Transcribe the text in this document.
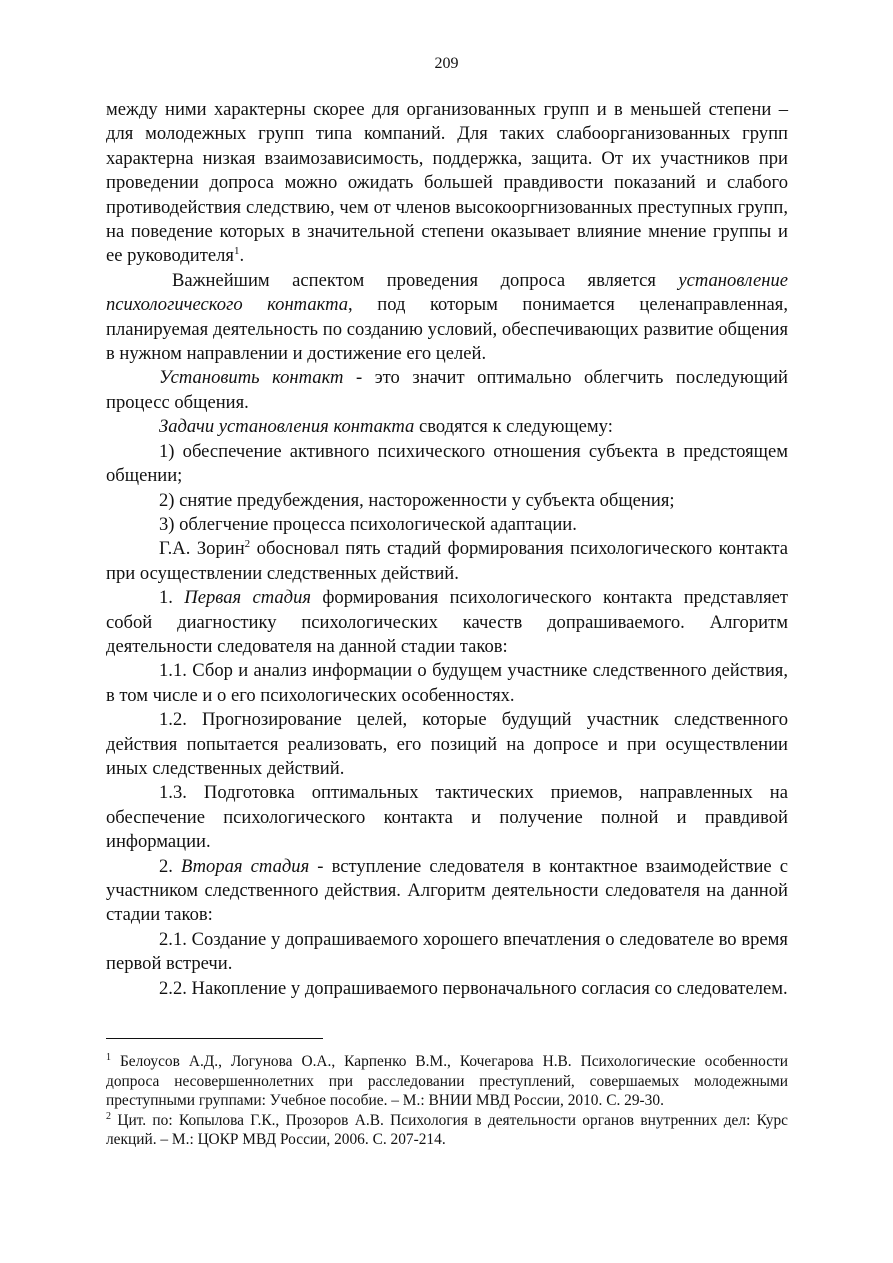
209

между ними характерны скорее для организованных групп и в меньшей степени – для молодежных групп типа компаний. Для таких слабоорганизованных групп характерна низкая взаимозависимость, поддержка, защита. От их участников при проведении допроса можно ожидать большей правдивости показаний и слабого противодействия следствию, чем от членов высокооргнизованных преступных групп, на поведение которых в значительной степени оказывает влияние мнение группы и ее руководителя$^1$.

Важнейшим аспектом проведения допроса является установление психологического контакта, под которым понимается целенаправленная, планируемая деятельность по созданию условий, обеспечивающих развитие общения в нужном направлении и достижение его целей.

Установить контакт - это значит оптимально облегчить последующий процесс общения.

Задачи установления контакта сводятся к следующему:

1) обеспечение активного психического отношения субъекта в предстоящем общении;

2) снятие предубеждения, настороженности у субъекта общения;

3) облегчение процесса психологической адаптации.

Г.А. Зорин$^2$ обосновал пять стадий формирования психологического контакта при осуществлении следственных действий.

1. Первая стадия формирования психологического контакта представляет собой диагностику психологических качеств допрашиваемого. Алгоритм деятельности следователя на данной стадии таков:

1.1. Сбор и анализ информации о будущем участнике следственного действия, в том числе и о его психологических особенностях.

1.2. Прогнозирование целей, которые будущий участник следственного действия попытается реализовать, его позиций на допросе и при осуществлении иных следственных действий.

1.3. Подготовка оптимальных тактических приемов, направленных на обеспечение психологического контакта и получение полной и правдивой информации.

2. Вторая стадия - вступление следователя в контактное взаимодействие с участником следственного действия. Алгоритм деятельности следователя на данной стадии таков:

2.1. Создание у допрашиваемого хорошего впечатления о следователе во время первой встречи.

2.2. Накопление у допрашиваемого первоначального согласия со следователем.

$^1$ Белоусов А.Д., Логунова О.А., Карпенко В.М., Кочегарова Н.В. Психологические особенности допроса несовершеннолетних при расследовании преступлений, совершаемых молодежными преступными группами: Учебное пособие. – М.: ВНИИ МВД России, 2010. С. 29-30.

$^2$ Цит. по: Копылова Г.К., Прозоров А.В. Психология в деятельности органов внутренних дел: Курс лекций. – М.: ЦОКР МВД России, 2006. С. 207-214.
